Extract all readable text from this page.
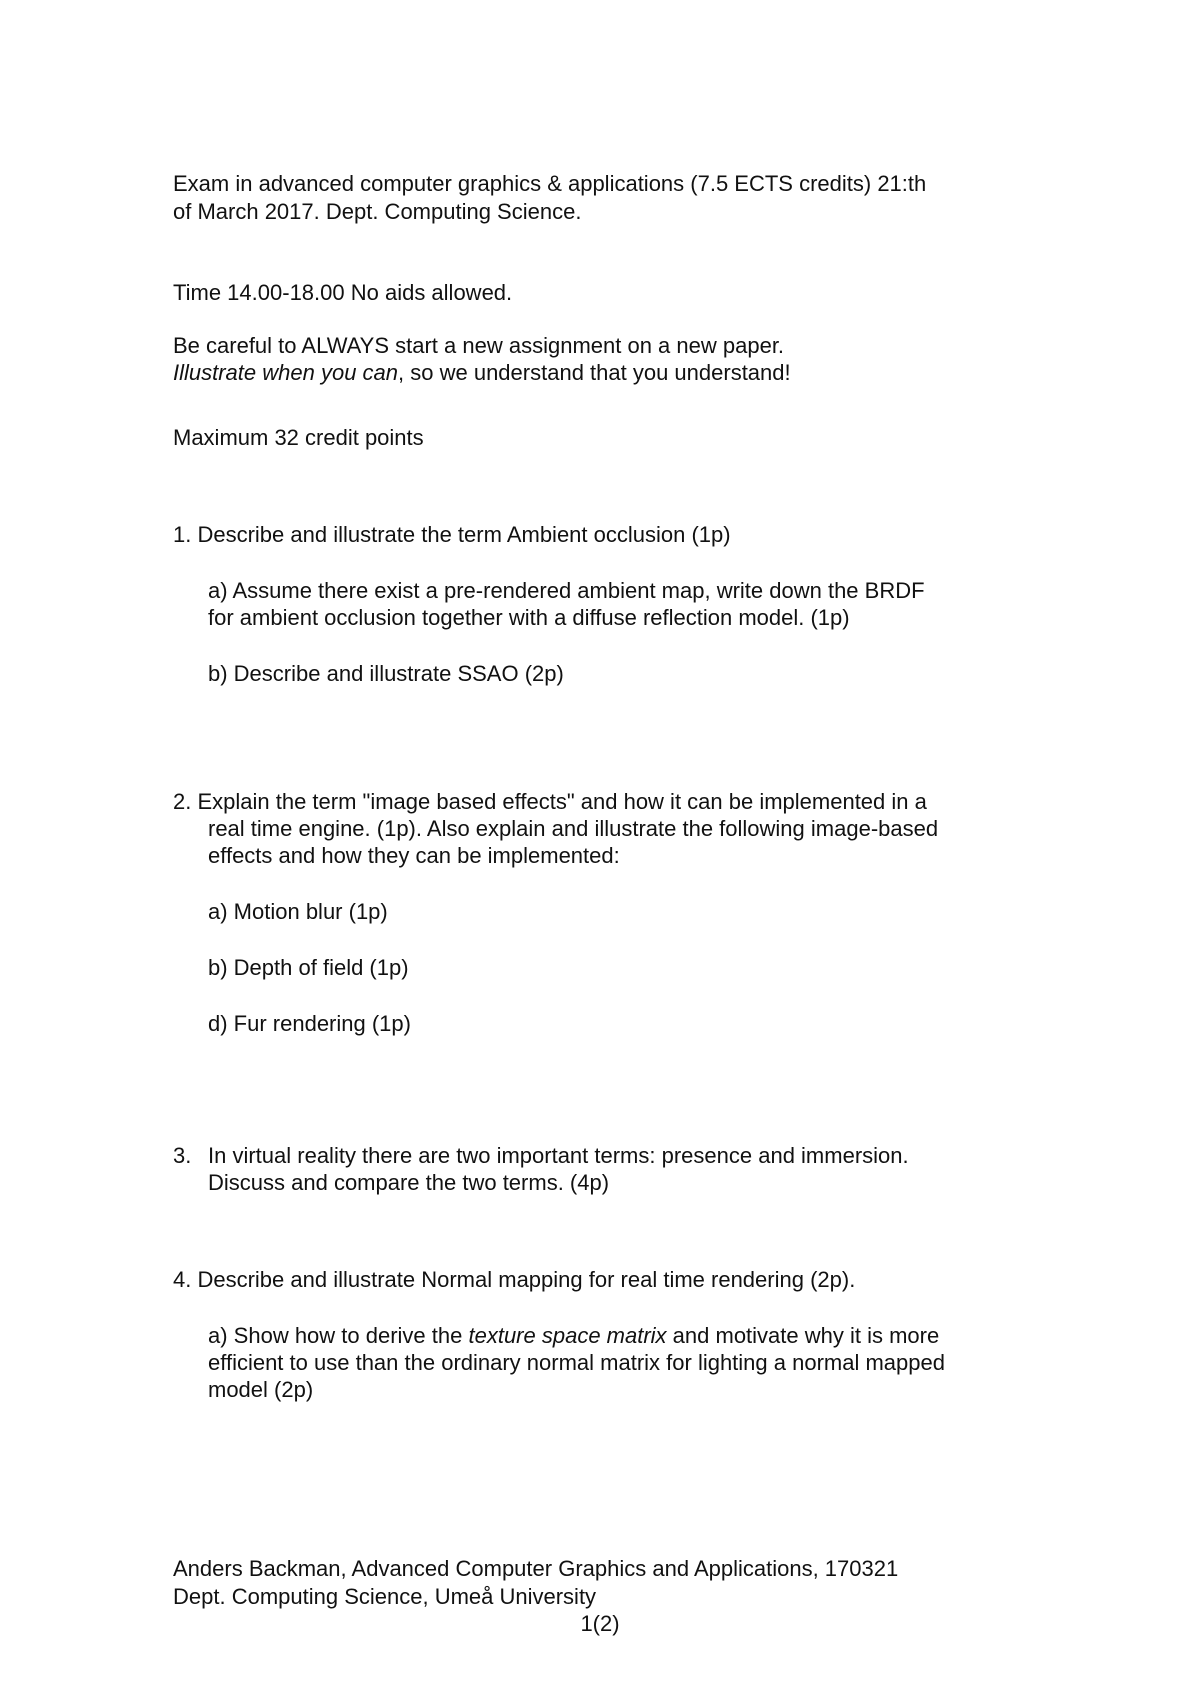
Exam in advanced computer graphics & applications (7.5 ECTS credits) 21:th
of March 2017. Dept. Computing Science.
Time 14.00-18.00 No aids allowed.
Be careful to ALWAYS start a new assignment on a new paper.
Illustrate when you can, so we understand that you understand!
Maximum 32 credit points
1. Describe and illustrate the term Ambient occlusion (1p)
a) Assume there exist a pre-rendered ambient map, write down the BRDF
for ambient occlusion together with a diffuse reflection model. (1p)
b) Describe and illustrate SSAO (2p)
2. Explain the term "image based effects" and how it can be implemented in a
real time engine. (1p). Also explain and illustrate the following image-based
effects and how they can be implemented:
a) Motion blur (1p)
b) Depth of field (1p)
d) Fur rendering (1p)
3. In virtual reality there are two important terms: presence and immersion.
Discuss and compare the two terms. (4p)
4. Describe and illustrate Normal mapping for real time rendering (2p).
a) Show how to derive the texture space matrix and motivate why it is more
efficient to use than the ordinary normal matrix for lighting a normal mapped
model (2p)
Anders Backman, Advanced Computer Graphics and Applications, 170321
Dept. Computing Science, Umeå University
1(2)
